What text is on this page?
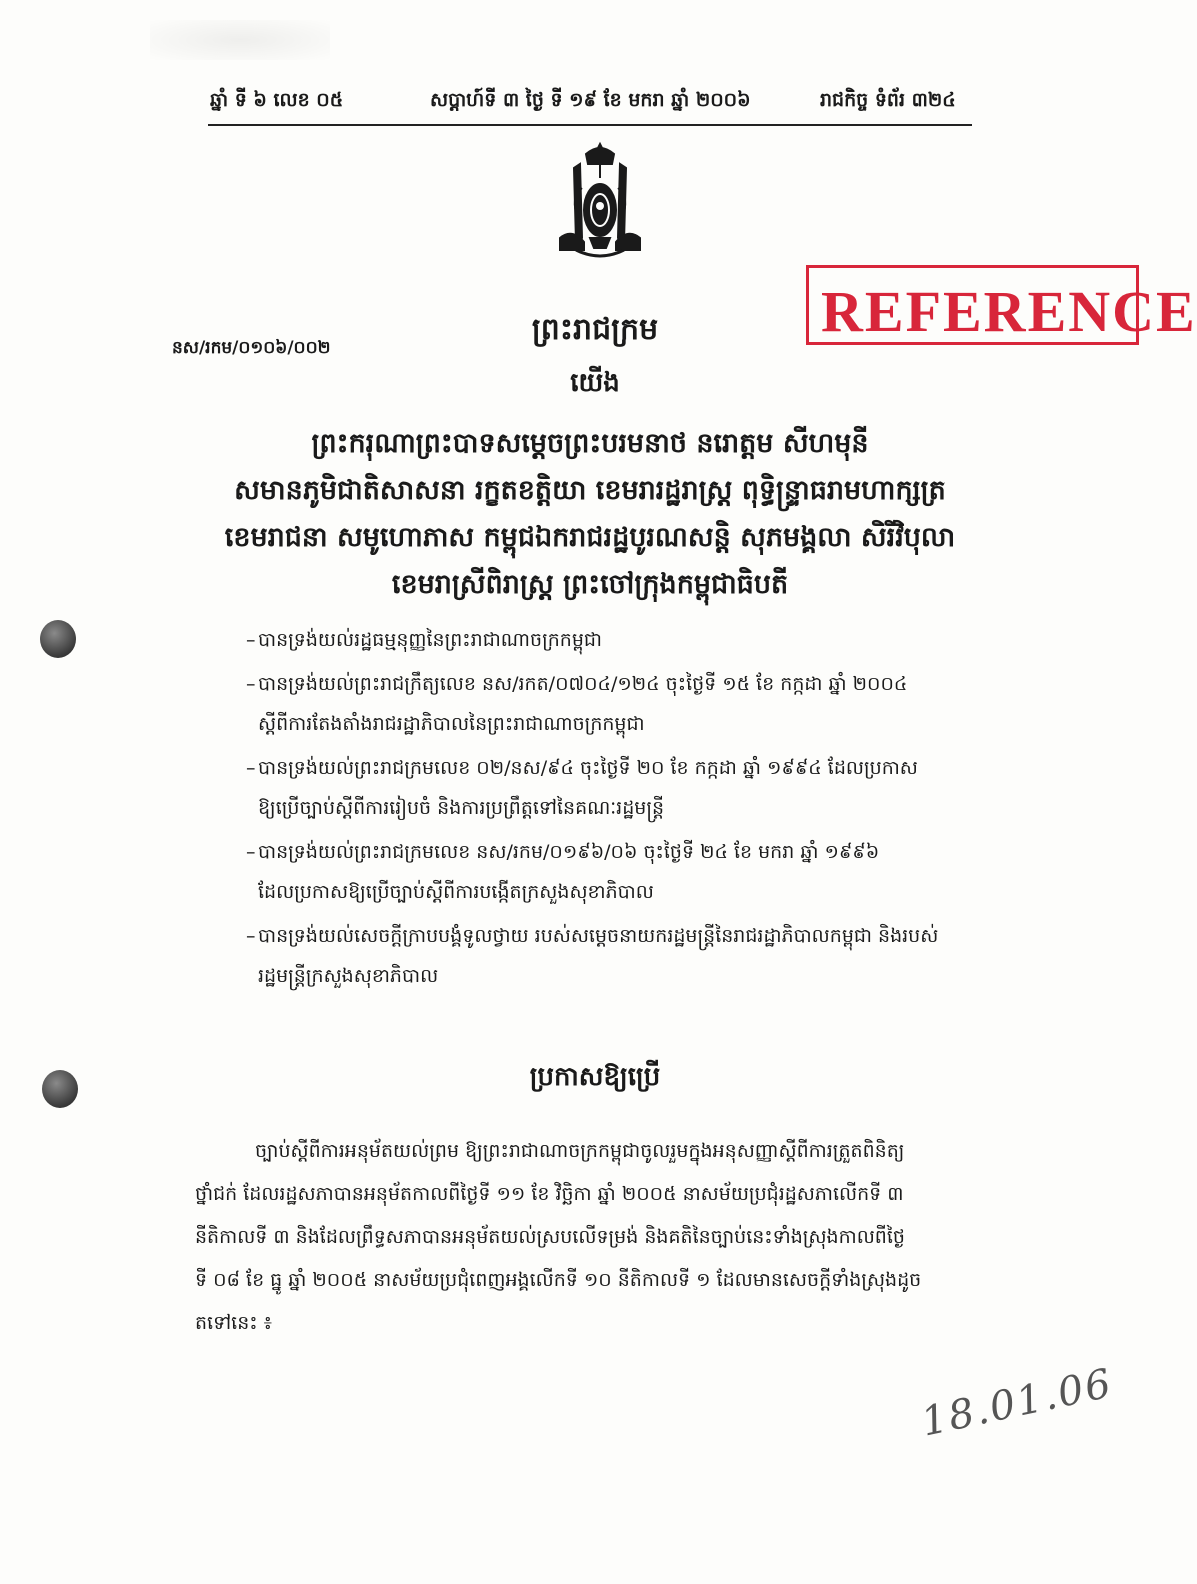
ឆ្នាំ ទី ៦ លេខ ០៥	សប្តាហ៍ទី ៣ ថ្ងៃ ទី ១៩ ខែ មករា ឆ្នាំ ២០០៦	រាជកិច្ច ទំព័រ ៣២៤
REFERENCE
នស/រកម/០១០៦/០០២
ព្រះរាជក្រម
យើង
ព្រះករុណាព្រះបាទសម្តេចព្រះបរមនាថ នរោត្តម សីហមុនី
សមានភូមិជាតិសាសនា រក្ខតខត្តិយា ខេមរារដ្ឋរាស្ត្រ ពុទ្ធិន្ទ្រាធរាមហាក្សត្រ
ខេមរាជនា សមូហោភាស កម្ពុជឯករាជរដ្ឋបូរណសន្តិ សុភមង្គលា សិរីវិបុលា
ខេមរាស្រីពិរាស្ត្រ ព្រះចៅក្រុងកម្ពុជាធិបតី
– បានទ្រង់យល់រដ្ឋធម្មនុញ្ញនៃព្រះរាជាណាចក្រកម្ពុជា
– បានទ្រង់យល់ព្រះរាជក្រឹត្យលេខ នស/រកត/០៧០៤/១២៤ ចុះថ្ងៃទី ១៥ ខែ កក្កដា ឆ្នាំ ២០០៤
ស្តីពីការតែងតាំងរាជរដ្ឋាភិបាលនៃព្រះរាជាណាចក្រកម្ពុជា
– បានទ្រង់យល់ព្រះរាជក្រមលេខ ០២/នស/៩៤ ចុះថ្ងៃទី ២០ ខែ កក្កដា ឆ្នាំ ១៩៩៤ ដែលប្រកាស
ឱ្យប្រើច្បាប់ស្តីពីការរៀបចំ និងការប្រព្រឹត្តទៅនៃគណៈរដ្ឋមន្ត្រី
– បានទ្រង់យល់ព្រះរាជក្រមលេខ នស/រកម/០១៩៦/០៦ ចុះថ្ងៃទី ២៤ ខែ មករា ឆ្នាំ ១៩៩៦
ដែលប្រកាសឱ្យប្រើច្បាប់ស្តីពីការបង្កើតក្រសួងសុខាភិបាល
– បានទ្រង់យល់សេចក្តីក្រាបបង្គំទូលថ្វាយ របស់សម្តេចនាយករដ្ឋមន្ត្រីនៃរាជរដ្ឋាភិបាលកម្ពុជា និងរបស់
រដ្ឋមន្ត្រីក្រសួងសុខាភិបាល
ប្រកាសឱ្យប្រើ
ច្បាប់ស្តីពីការអនុម័តយល់ព្រម ឱ្យព្រះរាជាណាចក្រកម្ពុជាចូលរួមក្នុងអនុសញ្ញាស្តីពីការត្រួតពិនិត្យ
ថ្នាំជក់ ដែលរដ្ឋសភាបានអនុម័តកាលពីថ្ងៃទី ១១ ខែ វិច្ឆិកា ឆ្នាំ ២០០៥ នាសម័យប្រជុំរដ្ឋសភាលើកទី ៣
នីតិកាលទី ៣ និងដែលព្រឹទ្ធសភាបានអនុម័តយល់ស្របលើទម្រង់ និងគតិនៃច្បាប់នេះទាំងស្រុងកាលពីថ្ងៃ
ទី ០៨ ខែ ធ្នូ ឆ្នាំ ២០០៥ នាសម័យប្រជុំពេញអង្គលើកទី ១០ នីតិកាលទី ១ ដែលមានសេចក្តីទាំងស្រុងដូច
តទៅនេះ ៖
18.01.06
